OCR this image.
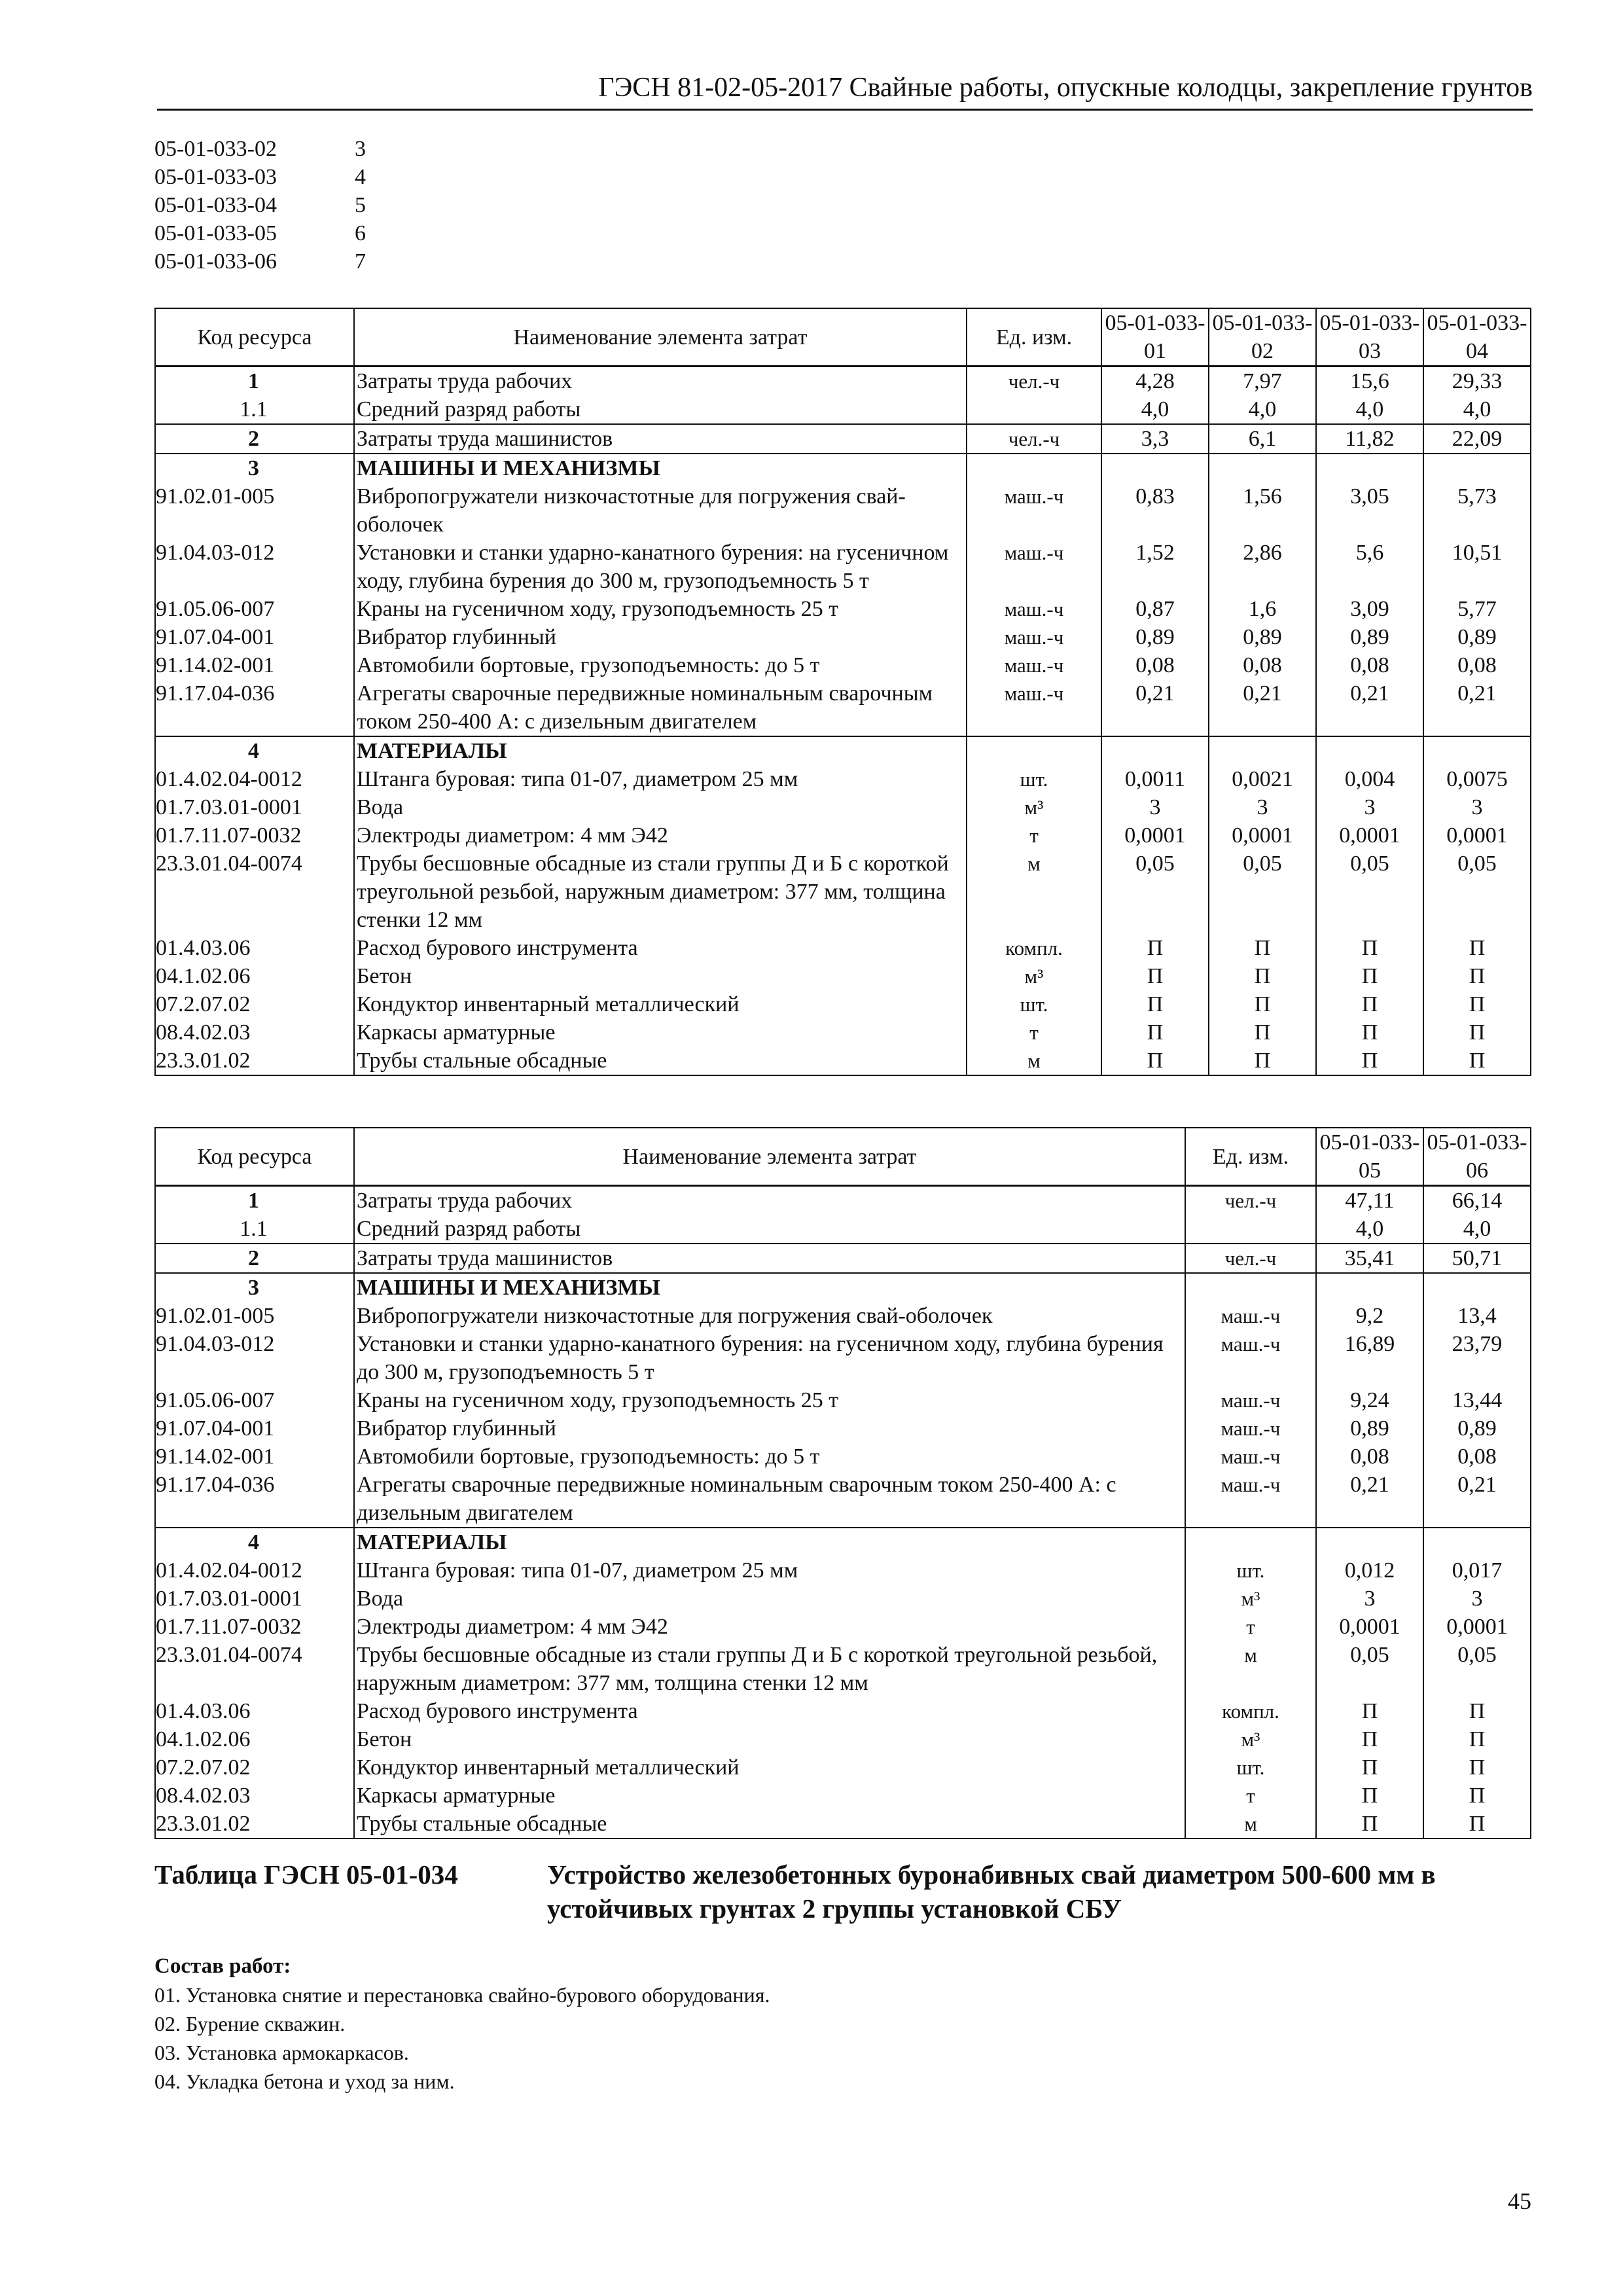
ГЭСН 81-02-05-2017 Свайные работы, опускные колодцы, закрепление грунтов
05-01-033-02	3
05-01-033-03	4
05-01-033-04	5
05-01-033-05	6
05-01-033-06	7
Код ресурса	Наименование элемента затрат	Ед. изм.	05-01-033-01	05-01-033-02	05-01-033-03	05-01-033-04
1	Затраты труда рабочих	чел.-ч	4,28	7,97	15,6	29,33
1.1	Средний разряд работы		4,0	4,0	4,0	4,0
2	Затраты труда машинистов	чел.-ч	3,3	6,1	11,82	22,09
3	МАШИНЫ И МЕХАНИЗМЫ					
91.02.01-005	Вибропогружатели низкочастотные для погружения свай-оболочек	маш.-ч	0,83	1,56	3,05	5,73
91.04.03-012	Установки и станки ударно-канатного бурения: на гусеничном ходу, глубина бурения до 300 м, грузоподъемность 5 т	маш.-ч	1,52	2,86	5,6	10,51
91.05.06-007	Краны на гусеничном ходу, грузоподъемность 25 т	маш.-ч	0,87	1,6	3,09	5,77
91.07.04-001	Вибратор глубинный	маш.-ч	0,89	0,89	0,89	0,89
91.14.02-001	Автомобили бортовые, грузоподъемность: до 5 т	маш.-ч	0,08	0,08	0,08	0,08
91.17.04-036	Агрегаты сварочные передвижные номинальным сварочным током 250-400 А: с дизельным двигателем	маш.-ч	0,21	0,21	0,21	0,21
4	МАТЕРИАЛЫ					
01.4.02.04-0012	Штанга буровая: типа 01-07, диаметром 25 мм	шт.	0,0011	0,0021	0,004	0,0075
01.7.03.01-0001	Вода	м³	3	3	3	3
01.7.11.07-0032	Электроды диаметром: 4 мм Э42	т	0,0001	0,0001	0,0001	0,0001
23.3.01.04-0074	Трубы бесшовные обсадные из стали группы Д и Б с короткой треугольной резьбой, наружным диаметром: 377 мм, толщина стенки 12 мм	м	0,05	0,05	0,05	0,05
01.4.03.06	Расход бурового инструмента	компл.	П	П	П	П
04.1.02.06	Бетон	м³	П	П	П	П
07.2.07.02	Кондуктор инвентарный металлический	шт.	П	П	П	П
08.4.02.03	Каркасы арматурные	т	П	П	П	П
23.3.01.02	Трубы стальные обсадные	м	П	П	П	П
Код ресурса	Наименование элемента затрат	Ед. изм.	05-01-033-05	05-01-033-06
1	Затраты труда рабочих	чел.-ч	47,11	66,14
1.1	Средний разряд работы		4,0	4,0
2	Затраты труда машинистов	чел.-ч	35,41	50,71
3	МАШИНЫ И МЕХАНИЗМЫ			
91.02.01-005	Вибропогружатели низкочастотные для погружения свай-оболочек	маш.-ч	9,2	13,4
91.04.03-012	Установки и станки ударно-канатного бурения: на гусеничном ходу, глубина бурения до 300 м, грузоподъемность 5 т	маш.-ч	16,89	23,79
91.05.06-007	Краны на гусеничном ходу, грузоподъемность 25 т	маш.-ч	9,24	13,44
91.07.04-001	Вибратор глубинный	маш.-ч	0,89	0,89
91.14.02-001	Автомобили бортовые, грузоподъемность: до 5 т	маш.-ч	0,08	0,08
91.17.04-036	Агрегаты сварочные передвижные номинальным сварочным током 250-400 А: с дизельным двигателем	маш.-ч	0,21	0,21
4	МАТЕРИАЛЫ			
01.4.02.04-0012	Штанга буровая: типа 01-07, диаметром 25 мм	шт.	0,012	0,017
01.7.03.01-0001	Вода	м³	3	3
01.7.11.07-0032	Электроды диаметром: 4 мм Э42	т	0,0001	0,0001
23.3.01.04-0074	Трубы бесшовные обсадные из стали группы Д и Б с короткой треугольной резьбой, наружным диаметром: 377 мм, толщина стенки 12 мм	м	0,05	0,05
01.4.03.06	Расход бурового инструмента	компл.	П	П
04.1.02.06	Бетон	м³	П	П
07.2.07.02	Кондуктор инвентарный металлический	шт.	П	П
08.4.02.03	Каркасы арматурные	т	П	П
23.3.01.02	Трубы стальные обсадные	м	П	П
Таблица ГЭСН 05-01-034	Устройство железобетонных буронабивных свай диаметром 500-600 мм в устойчивых грунтах 2 группы установкой СБУ
Состав работ:
01. Установка снятие и перестановка свайно-бурового оборудования.
02. Бурение скважин.
03. Установка армокаркасов.
04. Укладка бетона и уход за ним.
45
